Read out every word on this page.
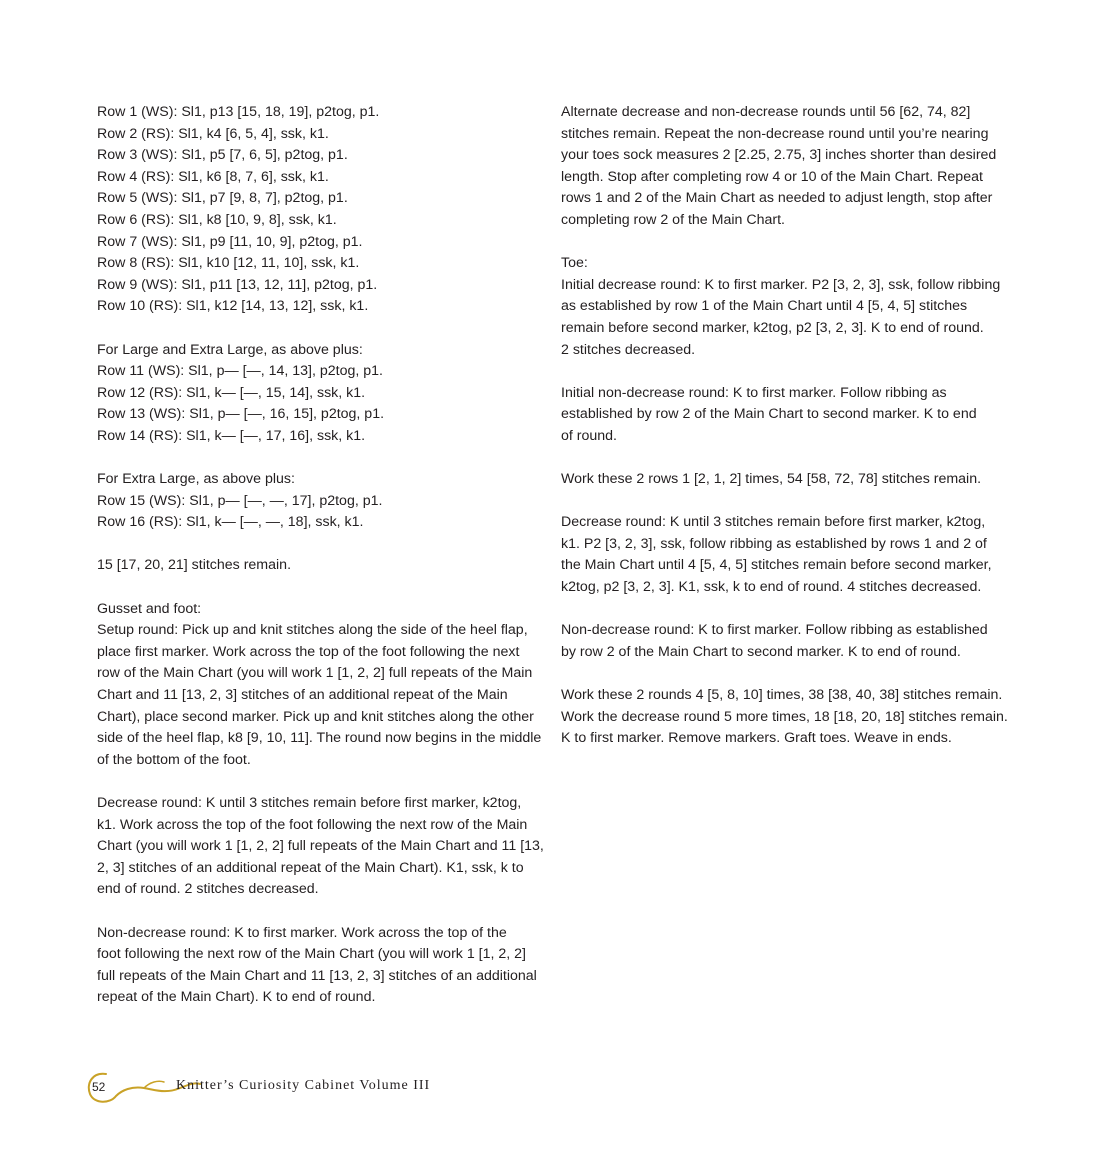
Row 1 (WS): Sl1, p13 [15, 18, 19], p2tog, p1.
Row 2 (RS): Sl1, k4 [6, 5, 4], ssk, k1.
Row 3 (WS): Sl1, p5 [7, 6, 5], p2tog, p1.
Row 4 (RS): Sl1, k6 [8, 7, 6], ssk, k1.
Row 5 (WS): Sl1, p7 [9, 8, 7], p2tog, p1.
Row 6 (RS): Sl1, k8 [10, 9, 8], ssk, k1.
Row 7 (WS): Sl1, p9 [11, 10, 9], p2tog, p1.
Row 8 (RS): Sl1, k10 [12, 11, 10], ssk, k1.
Row 9 (WS): Sl1, p11 [13, 12, 11], p2tog, p1.
Row 10 (RS): Sl1, k12 [14, 13, 12], ssk, k1.
For Large and Extra Large, as above plus:
Row 11 (WS): Sl1, p— [—, 14, 13], p2tog, p1.
Row 12 (RS): Sl1, k— [—, 15, 14], ssk, k1.
Row 13 (WS): Sl1, p— [—, 16, 15], p2tog, p1.
Row 14 (RS): Sl1, k— [—, 17, 16], ssk, k1.
For Extra Large, as above plus:
Row 15 (WS): Sl1, p— [—, —, 17], p2tog, p1.
Row 16 (RS): Sl1, k— [—, —, 18], ssk, k1.
15 [17, 20, 21] stitches remain.
Gusset and foot:
Setup round: Pick up and knit stitches along the side of the heel flap,
place first marker. Work across the top of the foot following the next
row of the Main Chart (you will work 1 [1, 2, 2] full repeats of the Main
Chart and 11 [13, 2, 3] stitches of an additional repeat of the Main
Chart), place second marker. Pick up and knit stitches along the other
side of the heel flap, k8 [9, 10, 11]. The round now begins in the middle
of the bottom of the foot.
Decrease round: K until 3 stitches remain before first marker, k2tog,
k1. Work across the top of the foot following the next row of the Main
Chart (you will work 1 [1, 2, 2] full repeats of the Main Chart and 11 [13,
2, 3] stitches of an additional repeat of the Main Chart). K1, ssk, k to
end of round. 2 stitches decreased.
Non-decrease round: K to first marker. Work across the top of the
foot following the next row of the Main Chart (you will work 1 [1, 2, 2]
full repeats of the Main Chart and 11 [13, 2, 3] stitches of an additional
repeat of the Main Chart). K to end of round.
Alternate decrease and non-decrease rounds until 56 [62, 74, 82]
stitches remain. Repeat the non-decrease round until you’re nearing
your toes sock measures 2 [2.25, 2.75, 3] inches shorter than desired
length. Stop after completing row 4 or 10 of the Main Chart. Repeat
rows 1 and 2 of the Main Chart as needed to adjust length, stop after
completing row 2 of the Main Chart.
Toe:
Initial decrease round: K to first marker. P2 [3, 2, 3], ssk, follow ribbing
as established by row 1 of the Main Chart until 4 [5, 4, 5] stitches
remain before second marker, k2tog, p2 [3, 2, 3]. K to end of round.
2 stitches decreased.
Initial non-decrease round: K to first marker. Follow ribbing as
established by row 2 of the Main Chart to second marker. K to end
of round.
Work these 2 rows 1 [2, 1, 2] times, 54 [58, 72, 78] stitches remain.
Decrease round: K until 3 stitches remain before first marker, k2tog,
k1. P2 [3, 2, 3], ssk, follow ribbing as established by rows 1 and 2 of
the Main Chart until 4 [5, 4, 5] stitches remain before second marker,
k2tog, p2 [3, 2, 3]. K1, ssk, k to end of round. 4 stitches decreased.
Non-decrease round: K to first marker. Follow ribbing as established
by row 2 of the Main Chart to second marker. K to end of round.
Work these 2 rounds 4 [5, 8, 10] times, 38 [38, 40, 38] stitches remain.
Work the decrease round 5 more times, 18 [18, 20, 18] stitches remain.
K to first marker. Remove markers. Graft toes. Weave in ends.
52	Knitter’s Curiosity Cabinet Volume III
